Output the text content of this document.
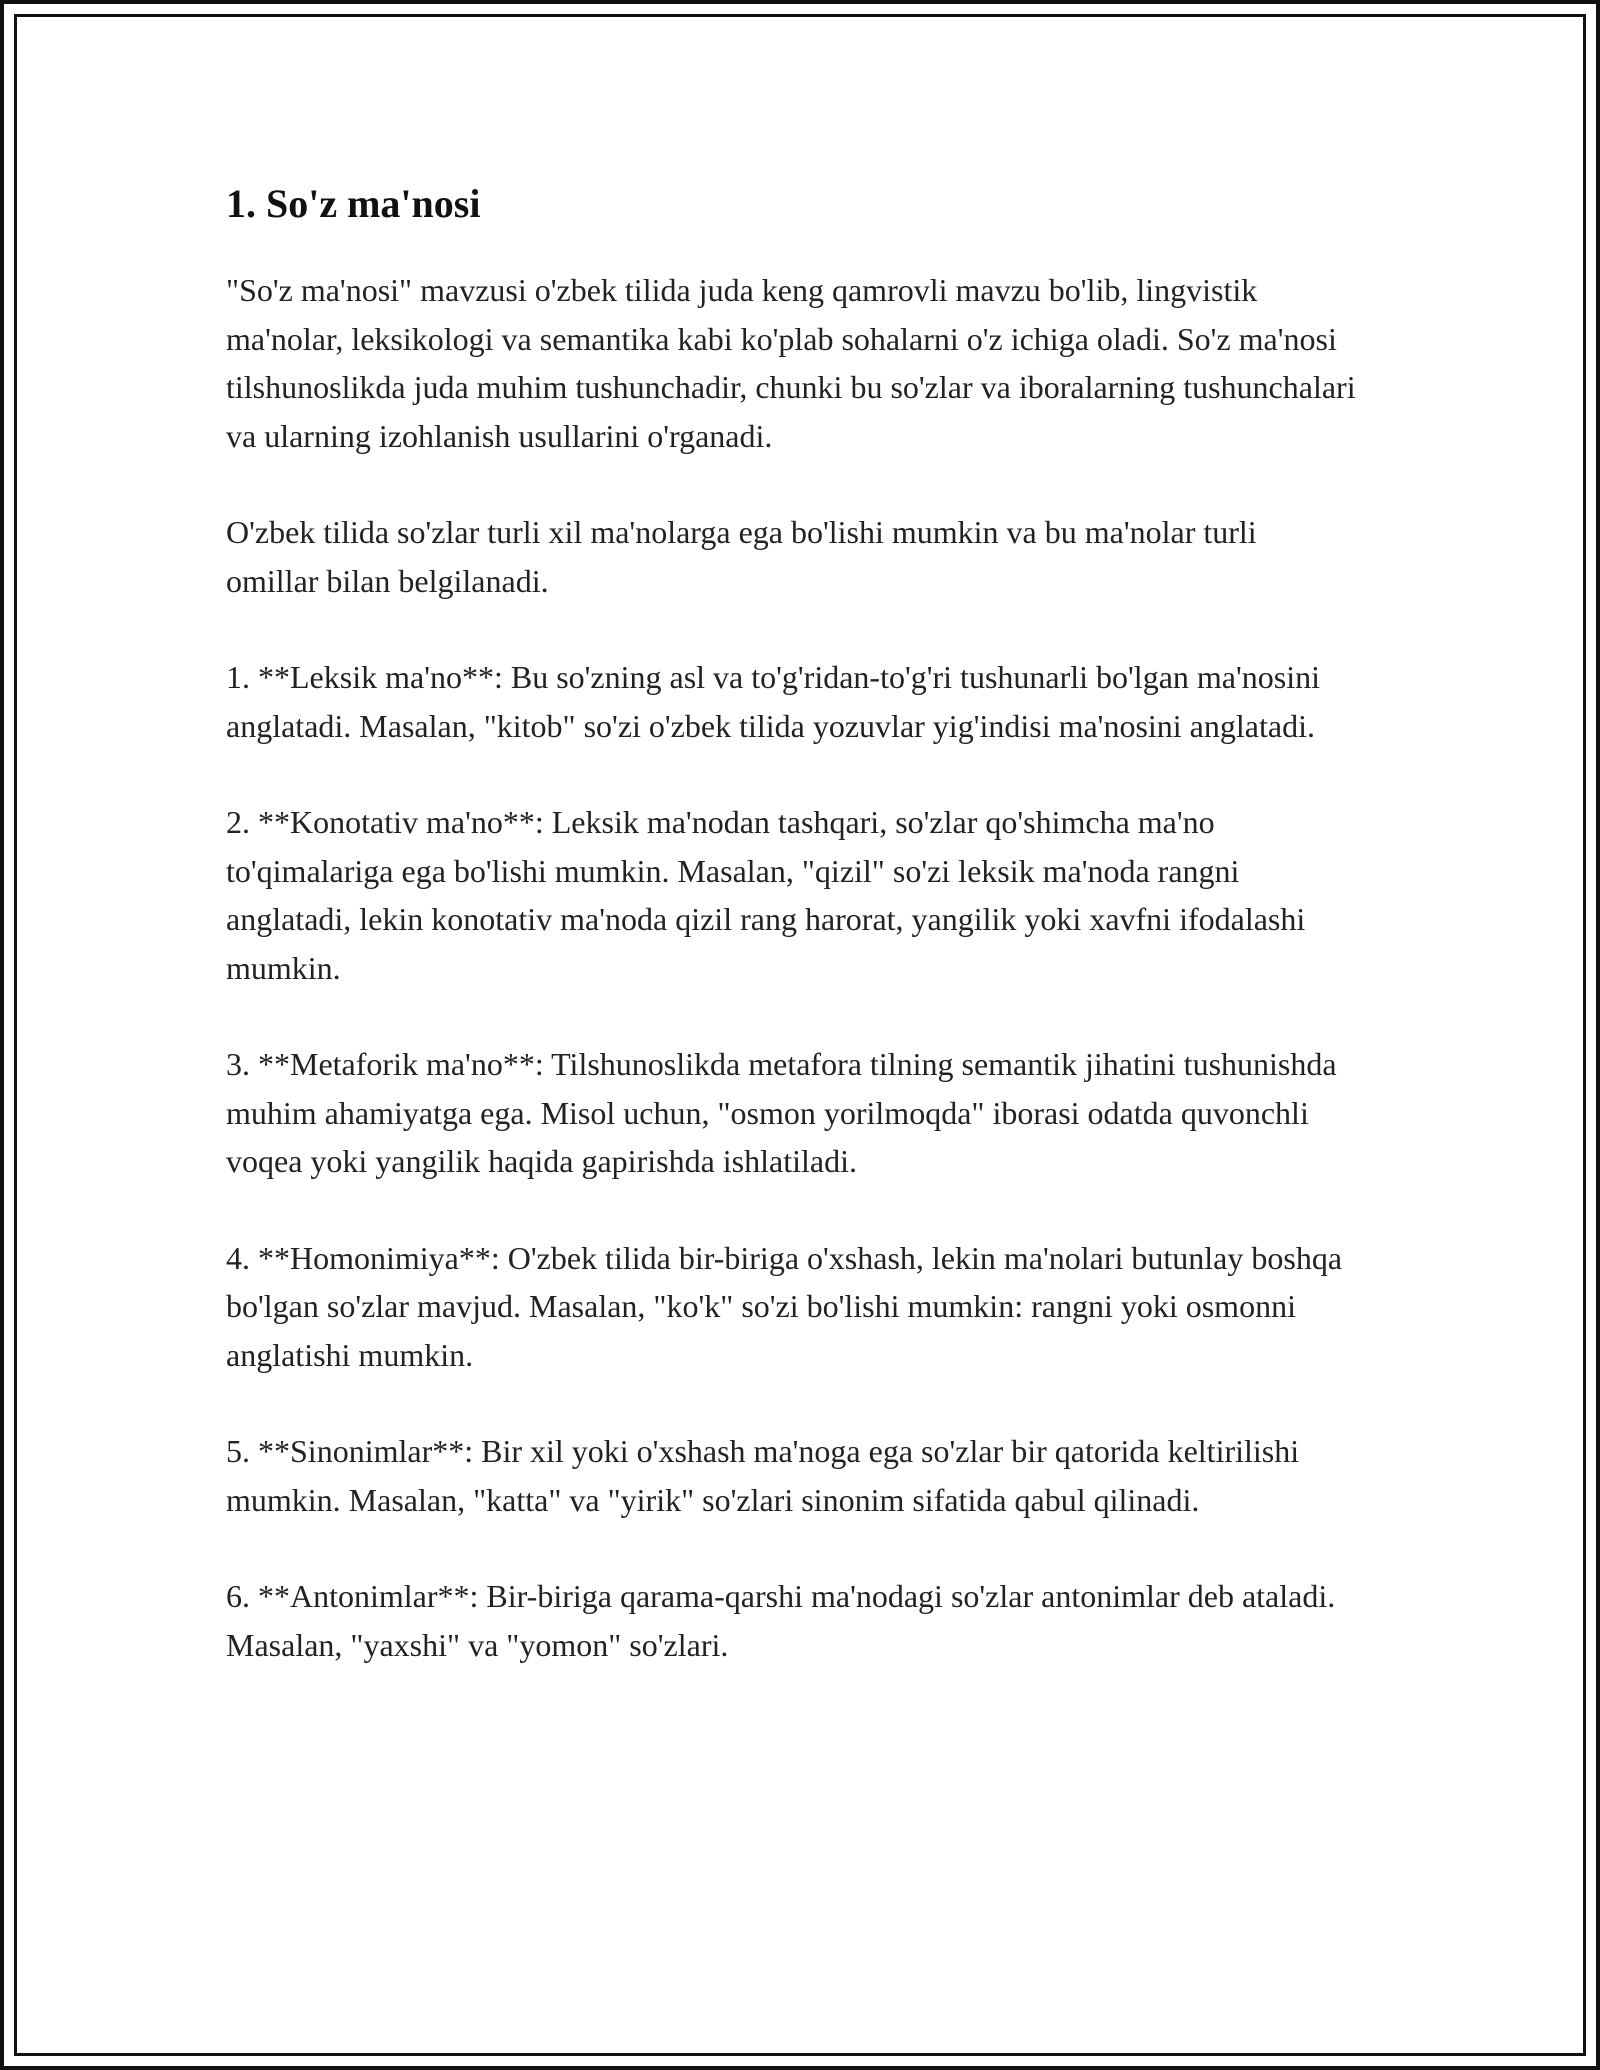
1. So'z ma'nosi

"So'z ma'nosi" mavzusi o'zbek tilida juda keng qamrovli mavzu bo'lib, lingvistik ma'nolar, leksikologi va semantika kabi ko'plab sohalarni o'z ichiga oladi. So'z ma'nosi tilshunoslikda juda muhim tushunchadir, chunki bu so'zlar va iboralarning tushunchalari va ularning izohlanish usullarini o'rganadi.

O'zbek tilida so'zlar turli xil ma'nolarga ega bo'lishi mumkin va bu ma'nolar turli omillar bilan belgilanadi.

1. **Leksik ma'no**: Bu so'zning asl va to'g'ridan-to'g'ri tushunarli bo'lgan ma'nosini anglatadi. Masalan, "kitob" so'zi o'zbek tilida yozuvlar yig'indisi ma'nosini anglatadi.

2. **Konotativ ma'no**: Leksik ma'nodan tashqari, so'zlar qo'shimcha ma'no to'qimalariga ega bo'lishi mumkin. Masalan, "qizil" so'zi leksik ma'noda rangni anglatadi, lekin konotativ ma'noda qizil rang harorat, yangilik yoki xavfni ifodalashi mumkin.

3. **Metaforik ma'no**: Tilshunoslikda metafora tilning semantik jihatini tushunishda muhim ahamiyatga ega. Misol uchun, "osmon yorilmoqda" iborasi odatda quvonchli voqea yoki yangilik haqida gapirishda ishlatiladi.

4. **Homonimiya**: O'zbek tilida bir-biriga o'xshash, lekin ma'nolari butunlay boshqa bo'lgan so'zlar mavjud. Masalan, "ko'k" so'zi bo'lishi mumkin: rangni yoki osmonni anglatishi mumkin.

5. **Sinonimlar**: Bir xil yoki o'xshash ma'noga ega so'zlar bir qatorida keltirilishi mumkin. Masalan, "katta" va "yirik" so'zlari sinonim sifatida qabul qilinadi.

6. **Antonimlar**: Bir-biriga qarama-qarshi ma'nodagi so'zlar antonimlar deb ataladi. Masalan, "yaxshi" va "yomon" so'zlari.
